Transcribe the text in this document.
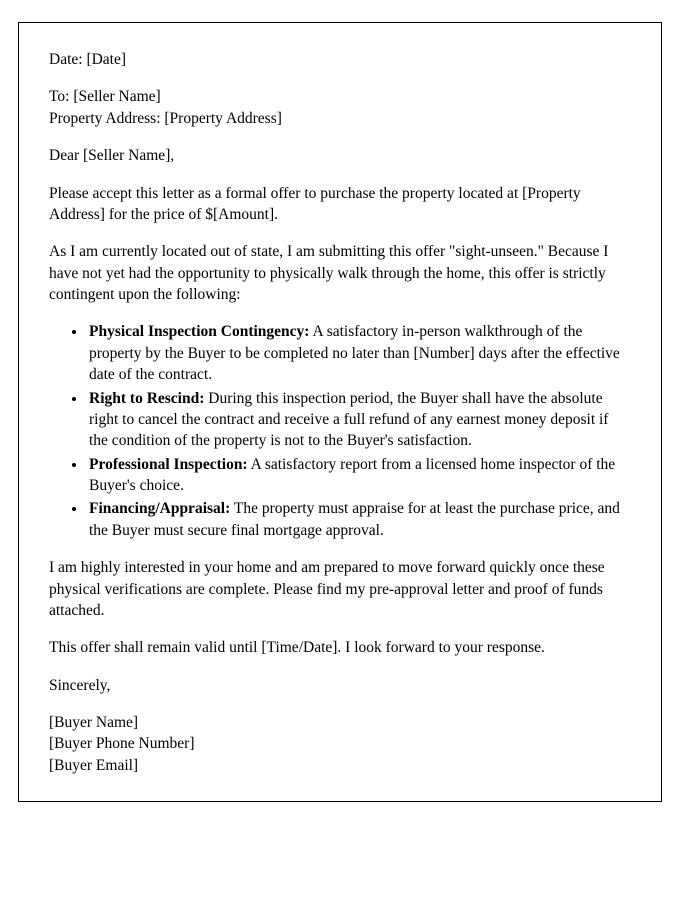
Date: [Date]

To: [Seller Name]

Property Address: [Property Address]

Dear [Seller Name],

Please accept this letter as a formal offer to purchase the property located at [Property Address] for the price of $[Amount].

As I am currently located out of state, I am submitting this offer "sight-unseen." Because I have not yet had the opportunity to physically walk through the home, this offer is strictly contingent upon the following:

• Physical Inspection Contingency: A satisfactory in-person walkthrough of the property by the Buyer to be completed no later than [Number] days after the effective date of the contract.
• Right to Rescind: During this inspection period, the Buyer shall have the absolute right to cancel the contract and receive a full refund of any earnest money deposit if the condition of the property is not to the Buyer's satisfaction.
• Professional Inspection: A satisfactory report from a licensed home inspector of the Buyer's choice.
• Financing/Appraisal: The property must appraise for at least the purchase price, and the Buyer must secure final mortgage approval.

I am highly interested in your home and am prepared to move forward quickly once these physical verifications are complete. Please find my pre-approval letter and proof of funds attached.

This offer shall remain valid until [Time/Date]. I look forward to your response.

Sincerely,

[Buyer Name]

[Buyer Phone Number]

[Buyer Email]
